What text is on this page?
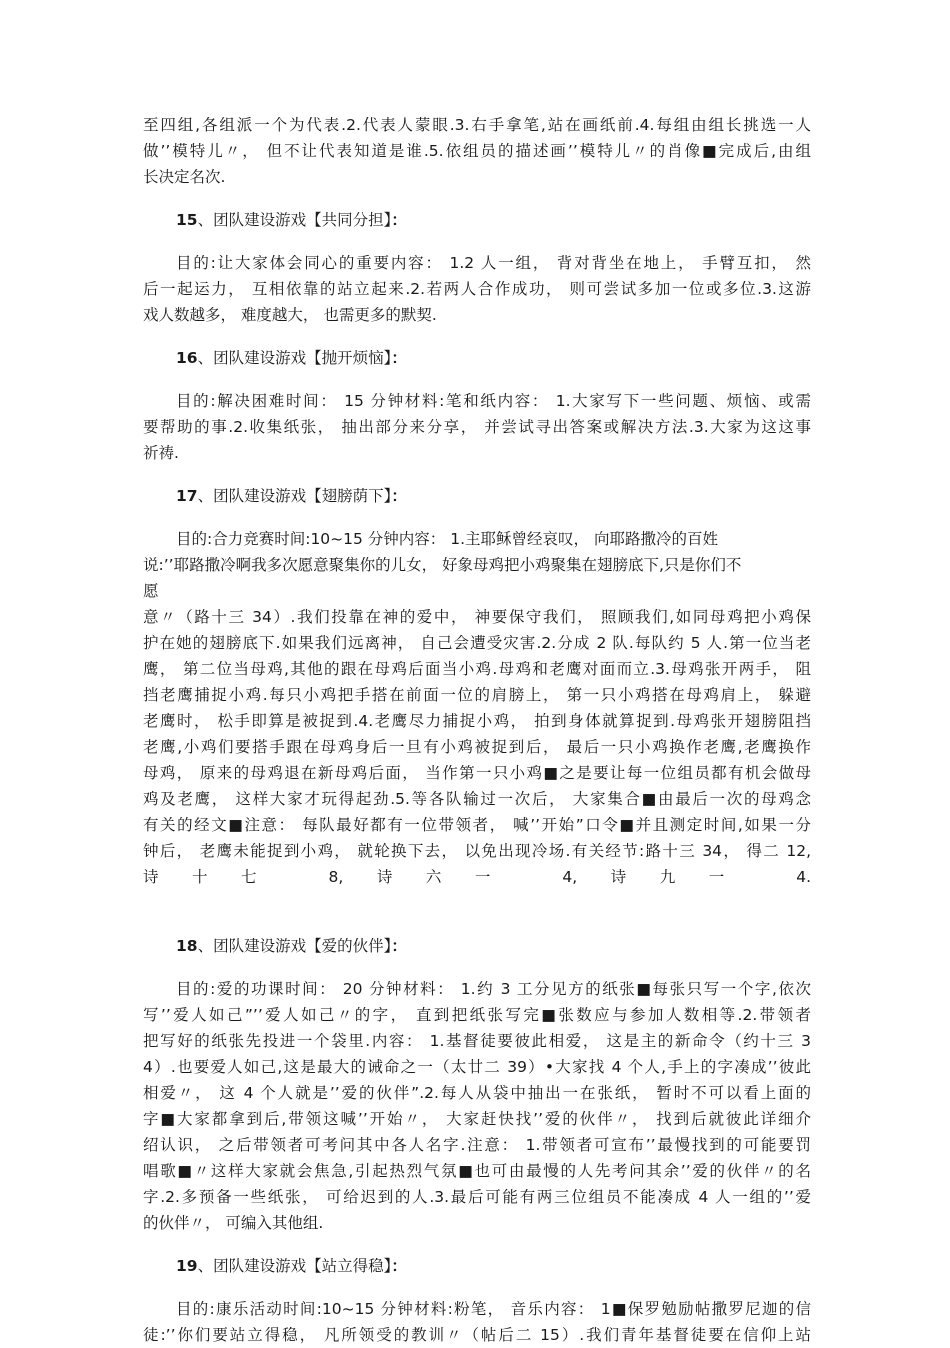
至四组,各组派一个为代表.2.代表人蒙眼.3.右手拿笔,站在画纸前.4.每组由组长挑选一人
做’’模特儿〃， 但不让代表知道是谁.5.依组员的描述画’’模特儿〃的肖像■完成后,由组
长决定名次.
15、团队建设游戏【共同分担】：
目的:让大家体会同心的重要内容： 1.2 人一组， 背对背坐在地上， 手臂互扣， 然
后一起运力， 互相依靠的站立起来.2.若两人合作成功， 则可尝试多加一位或多位.3.这游
戏人数越多， 难度越大， 也需更多的默契.
16、团队建设游戏【抛开烦恼】：
目的:解决困难时间： 15 分钟材料:笔和纸内容： 1.大家写下一些问题、烦恼、或需
要帮助的事.2.收集纸张， 抽出部分来分享， 并尝试寻出答案或解决方法.3.大家为这这事
祈祷.
17、团队建设游戏【翅膀荫下】：
目的:合力竞赛时间:10~15 分钟内容： 1.主耶稣曾经哀叹， 向耶路撒冷的百姓
说:’’耶路撒冷啊我多次愿意聚集你的儿女， 好象母鸡把小鸡聚集在翅膀底下,只是你们不
愿
意〃（路十三 34）.我们投靠在神的爱中， 神要保守我们， 照顾我们,如同母鸡把小鸡保
护在她的翅膀底下.如果我们远离神， 自己会遭受灾害.2.分成 2 队.每队约 5 人.第一位当老
鹰， 第二位当母鸡,其他的跟在母鸡后面当小鸡.母鸡和老鹰对面而立.3.母鸡张开两手， 阻
挡老鹰捕捉小鸡.每只小鸡把手搭在前面一位的肩膀上， 第一只小鸡搭在母鸡肩上， 躲避
老鹰时， 松手即算是被捉到.4.老鹰尽力捕捉小鸡， 拍到身体就算捉到.母鸡张开翅膀阻挡
老鹰,小鸡们要搭手跟在母鸡身后一旦有小鸡被捉到后， 最后一只小鸡换作老鹰,老鹰换作
母鸡， 原来的母鸡退在新母鸡后面， 当作第一只小鸡■之是要让每一位组员都有机会做母
鸡及老鹰， 这样大家才玩得起劲.5.等各队输过一次后， 大家集合■由最后一次的母鸡念
有关的经文■注意： 每队最好都有一位带领者， 喊’’开始”口令■并且测定时间,如果一分
钟后， 老鹰未能捉到小鸡， 就轮换下去， 以免出现冷场.有关经节:路十三 34， 得二 12,
诗十七 8,诗六一 4,诗九一 4.
18、团队建设游戏【爱的伙伴】：
目的:爱的功课时间： 20 分钟材料： 1.约 3 工分见方的纸张■每张只写一个字,依次
写’’爱人如己”’’爱人如己〃的字， 直到把纸张写完■张数应与参加人数相等.2.带领者
把写好的纸张先投进一个袋里.内容： 1.基督徒要彼此相爱， 这是主的新命令（约十三 3
4）.也要爱人如己,这是最大的诫命之一（太廿二 39）•大家找 4 个人,手上的字凑成’’彼此
相爱〃， 这 4 个人就是’’爱的伙伴”.2.每人从袋中抽出一在张纸， 暂时不可以看上面的
字■大家都拿到后,带领这喊’’开始〃， 大家赶快找’’爱的伙伴〃， 找到后就彼此详细介
绍认识， 之后带领者可考问其中各人名字.注意： 1.带领者可宣布’’最慢找到的可能要罚
唱歌■〃这样大家就会焦急,引起热烈气氛■也可由最慢的人先考问其余’’爱的伙伴〃的名
字.2.多预备一些纸张， 可给迟到的人.3.最后可能有两三位组员不能凑成 4 人一组的’’爱
的伙伴〃， 可编入其他组.
19、团队建设游戏【站立得稳】：
目的:康乐活动时间:10~15 分钟材料:粉笔， 音乐内容： 1■保罗勉励帖撒罗尼迦的信
徒:’’你们要站立得稳， 凡所领受的教训〃（帖后二 15）.我们青年基督徒要在信仰上站
